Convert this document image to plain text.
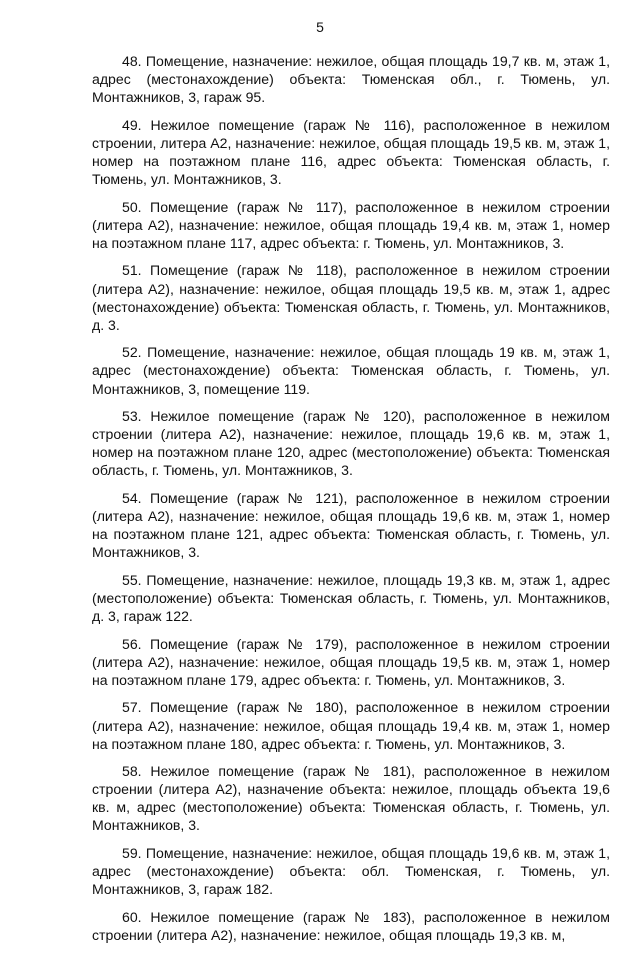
5

48. Помещение, назначение: нежилое, общая площадь 19,7 кв. м, этаж 1, адрес (местонахождение) объекта: Тюменская обл., г. Тюмень, ул. Монтажников, 3, гараж 95.

49. Нежилое помещение (гараж № 116), расположенное в нежилом строении, литера А2, назначение: нежилое, общая площадь 19,5 кв. м, этаж 1, номер на поэтажном плане 116, адрес объекта: Тюменская область, г. Тюмень, ул. Монтажников, 3.

50. Помещение (гараж № 117), расположенное в нежилом строении (литера А2), назначение: нежилое, общая площадь 19,4 кв. м, этаж 1, номер на поэтажном плане 117, адрес объекта: г. Тюмень, ул. Монтажников, 3.

51. Помещение (гараж № 118), расположенное в нежилом строении (литера А2), назначение: нежилое, общая площадь 19,5 кв. м, этаж 1, адрес (местонахождение) объекта: Тюменская область, г. Тюмень, ул. Монтажников, д. 3.

52. Помещение, назначение: нежилое, общая площадь 19 кв. м, этаж 1, адрес (местонахождение) объекта: Тюменская область, г. Тюмень, ул. Монтажников, 3, помещение 119.

53. Нежилое помещение (гараж № 120), расположенное в нежилом строении (литера А2), назначение: нежилое, площадь 19,6 кв. м, этаж 1, номер на поэтажном плане 120, адрес (местоположение) объекта: Тюменская область, г. Тюмень, ул. Монтажников, 3.

54. Помещение (гараж № 121), расположенное в нежилом строении (литера А2), назначение: нежилое, общая площадь 19,6 кв. м, этаж 1, номер на поэтажном плане 121, адрес объекта: Тюменская область, г. Тюмень, ул. Монтажников, 3.

55. Помещение, назначение: нежилое, площадь 19,3 кв. м, этаж 1, адрес (местоположение) объекта: Тюменская область, г. Тюмень, ул. Монтажников, д. 3, гараж 122.

56. Помещение (гараж № 179), расположенное в нежилом строении (литера А2), назначение: нежилое, общая площадь 19,5 кв. м, этаж 1, номер на поэтажном плане 179, адрес объекта: г. Тюмень, ул. Монтажников, 3.

57. Помещение (гараж № 180), расположенное в нежилом строении (литера А2), назначение: нежилое, общая площадь 19,4 кв. м, этаж 1, номер на поэтажном плане 180, адрес объекта: г. Тюмень, ул. Монтажников, 3.

58. Нежилое помещение (гараж № 181), расположенное в нежилом строении (литера А2), назначение объекта: нежилое, площадь объекта 19,6 кв. м, адрес (местоположение) объекта: Тюменская область, г. Тюмень, ул. Монтажников, 3.

59. Помещение, назначение: нежилое, общая площадь 19,6 кв. м, этаж 1, адрес (местонахождение) объекта: обл. Тюменская, г. Тюмень, ул. Монтажников, 3, гараж 182.

60. Нежилое помещение (гараж № 183), расположенное в нежилом строении (литера А2), назначение: нежилое, общая площадь 19,3 кв. м,
